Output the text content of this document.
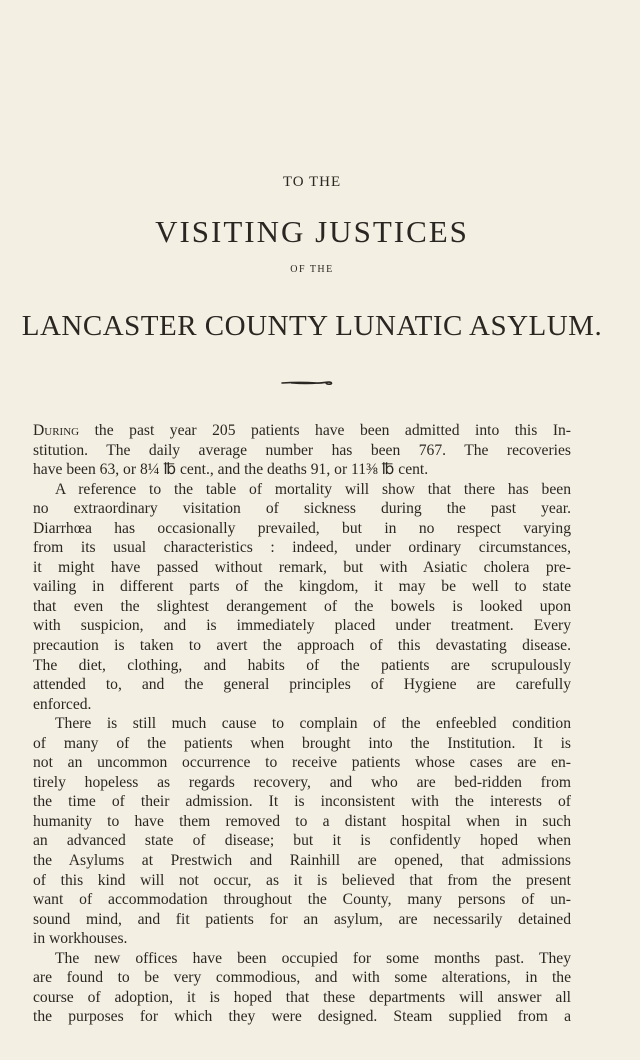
TO THE
VISITING JUSTICES
OF THE
LANCASTER COUNTY LUNATIC ASYLUM.
During the past year 205 patients have been admitted into this In-
stitution. The daily average number has been 767. The recoveries
have been 63, or 8¼ ℔ cent., and the deaths 91, or 11⅜ ℔ cent.
A reference to the table of mortality will show that there has been
no extraordinary visitation of sickness during the past year.
Diarrhœa has occasionally prevailed, but in no respect varying
from its usual characteristics : indeed, under ordinary circumstances,
it might have passed without remark, but with Asiatic cholera pre-
vailing in different parts of the kingdom, it may be well to state
that even the slightest derangement of the bowels is looked upon
with suspicion, and is immediately placed under treatment. Every
precaution is taken to avert the approach of this devastating disease.
The diet, clothing, and habits of the patients are scrupulously
attended to, and the general principles of Hygiene are carefully
enforced.
There is still much cause to complain of the enfeebled condition
of many of the patients when brought into the Institution. It is
not an uncommon occurrence to receive patients whose cases are en-
tirely hopeless as regards recovery, and who are bed-ridden from
the time of their admission. It is inconsistent with the interests of
humanity to have them removed to a distant hospital when in such
an advanced state of disease; but it is confidently hoped when
the Asylums at Prestwich and Rainhill are opened, that admissions
of this kind will not occur, as it is believed that from the present
want of accommodation throughout the County, many persons of un-
sound mind, and fit patients for an asylum, are necessarily detained
in workhouses.
The new offices have been occupied for some months past. They
are found to be very commodious, and with some alterations, in the
course of adoption, it is hoped that these departments will answer all
the purposes for which they were designed. Steam supplied from a
